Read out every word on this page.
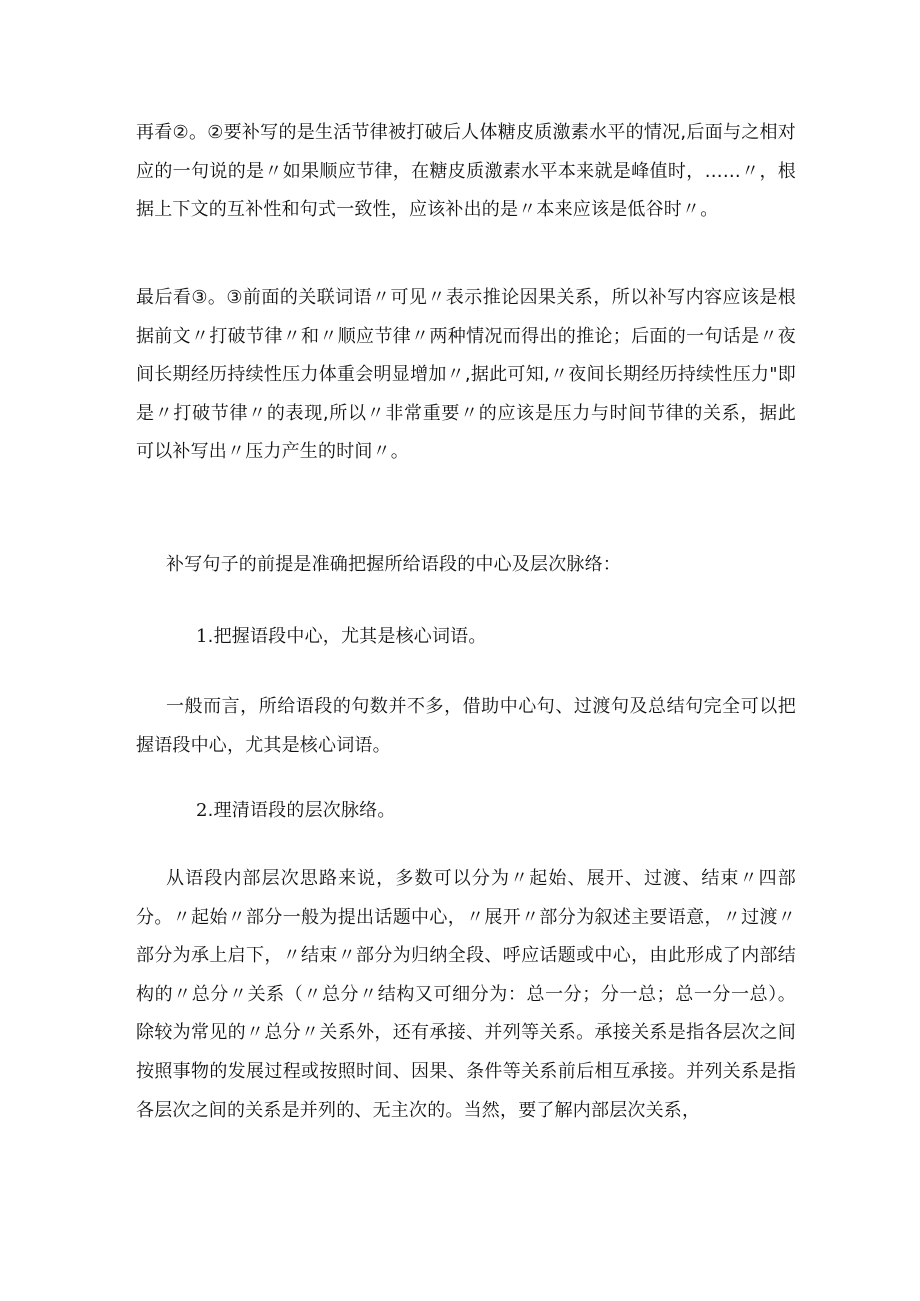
再看②。②要补写的是生活节律被打破后人体糖皮质激素水平的情况,后面与之相对应的一句说的是〃如果顺应节律，在糖皮质激素水平本来就是峰值时，……〃，根据上下文的互补性和句式一致性，应该补出的是〃本来应该是低谷时〃。

最后看③。③前面的关联词语〃可见〃表示推论因果关系，所以补写内容应该是根据前文〃打破节律〃和〃顺应节律〃两种情况而得出的推论；后面的一句话是〃夜间长期经历持续性压力体重会明显增加〃,据此可知,〃夜间长期经历持续性压力"即是〃打破节律〃的表现,所以〃非常重要〃的应该是压力与时间节律的关系，据此可以补写出〃压力产生的时间〃。

补写句子的前提是准确把握所给语段的中心及层次脉络：

1.把握语段中心，尤其是核心词语。

一般而言，所给语段的句数并不多，借助中心句、过渡句及总结句完全可以把握语段中心，尤其是核心词语。

2.理清语段的层次脉络。

从语段内部层次思路来说，多数可以分为〃起始、展开、过渡、结束〃四部分。〃起始〃部分一般为提出话题中心，〃展开〃部分为叙述主要语意，〃过渡〃部分为承上启下，〃结束〃部分为归纳全段、呼应话题或中心，由此形成了内部结构的〃总分〃关系（〃总分〃结构又可细分为：总一分；分一总；总一分一总）。除较为常见的〃总分〃关系外，还有承接、并列等关系。承接关系是指各层次之间按照事物的发展过程或按照时间、因果、条件等关系前后相互承接。并列关系是指各层次之间的关系是并列的、无主次的。当然，要了解内部层次关系，
